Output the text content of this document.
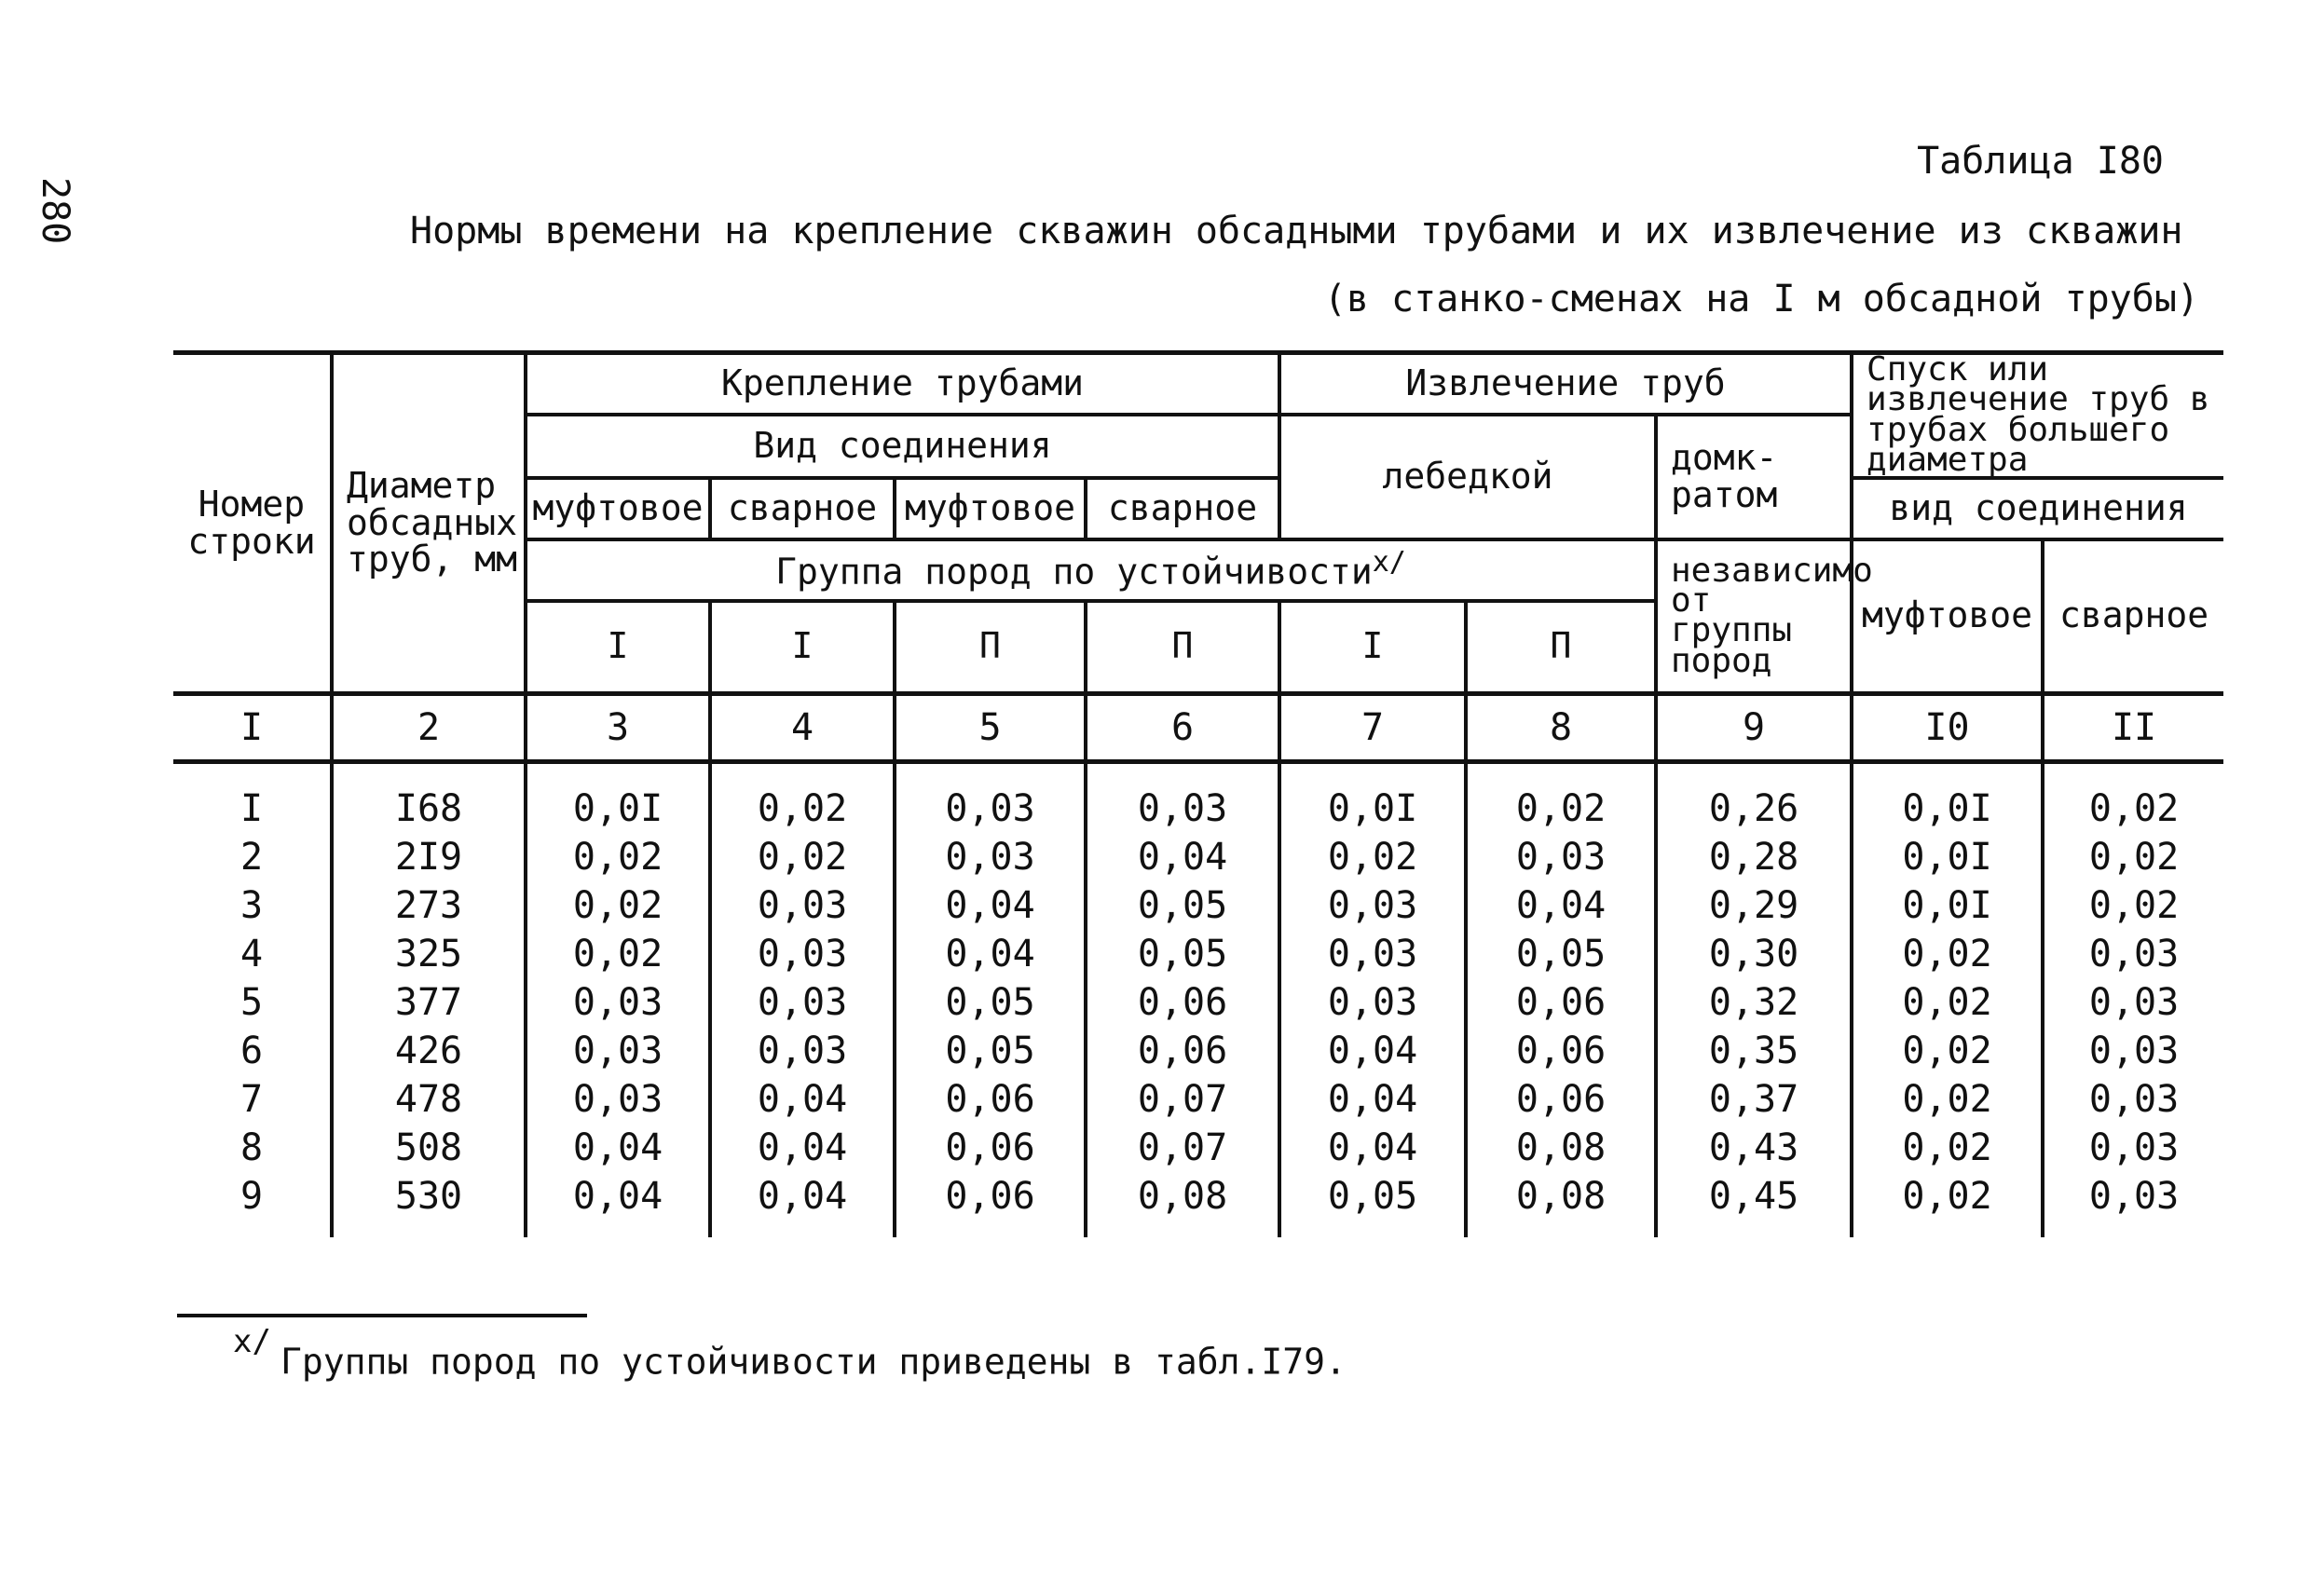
280
Таблица I80
Нормы времени на крепление скважин обсадными трубами и их извлечение из скважин
(в станко-сменах на I м обсадной трубы)
Номер строки	Диаметр обсадных труб, мм	Крепление трубами				Извлечение труб			Спуск или извлечение труб в трубах большего диаметра	
		Вид соединения				лебедкой		домк-ратом		
		муфтовое	сварное	муфтовое	сварное				вид соединения	
		Группа пород по устойчивости$^{x/}$						независимо от группы пород	муфтовое	сварное
		I	I	П	П	I	П			
I	2	3	4	5	6	7	8	9	I0	II
I	I68	0,0I	0,02	0,03	0,03	0,0I	0,02	0,26	0,0I	0,02
2	2I9	0,02	0,02	0,03	0,04	0,02	0,03	0,28	0,0I	0,02
3	273	0,02	0,03	0,04	0,05	0,03	0,04	0,29	0,0I	0,02
4	325	0,02	0,03	0,04	0,05	0,03	0,05	0,30	0,02	0,03
5	377	0,03	0,03	0,05	0,06	0,03	0,06	0,32	0,02	0,03
6	426	0,03	0,03	0,05	0,06	0,04	0,06	0,35	0,02	0,03
7	478	0,03	0,04	0,06	0,07	0,04	0,06	0,37	0,02	0,03
8	508	0,04	0,04	0,06	0,07	0,04	0,08	0,43	0,02	0,03
9	530	0,04	0,04	0,06	0,08	0,05	0,08	0,45	0,02	0,03

$^{x/}$ Группы пород по устойчивости приведены в табл.I79.
